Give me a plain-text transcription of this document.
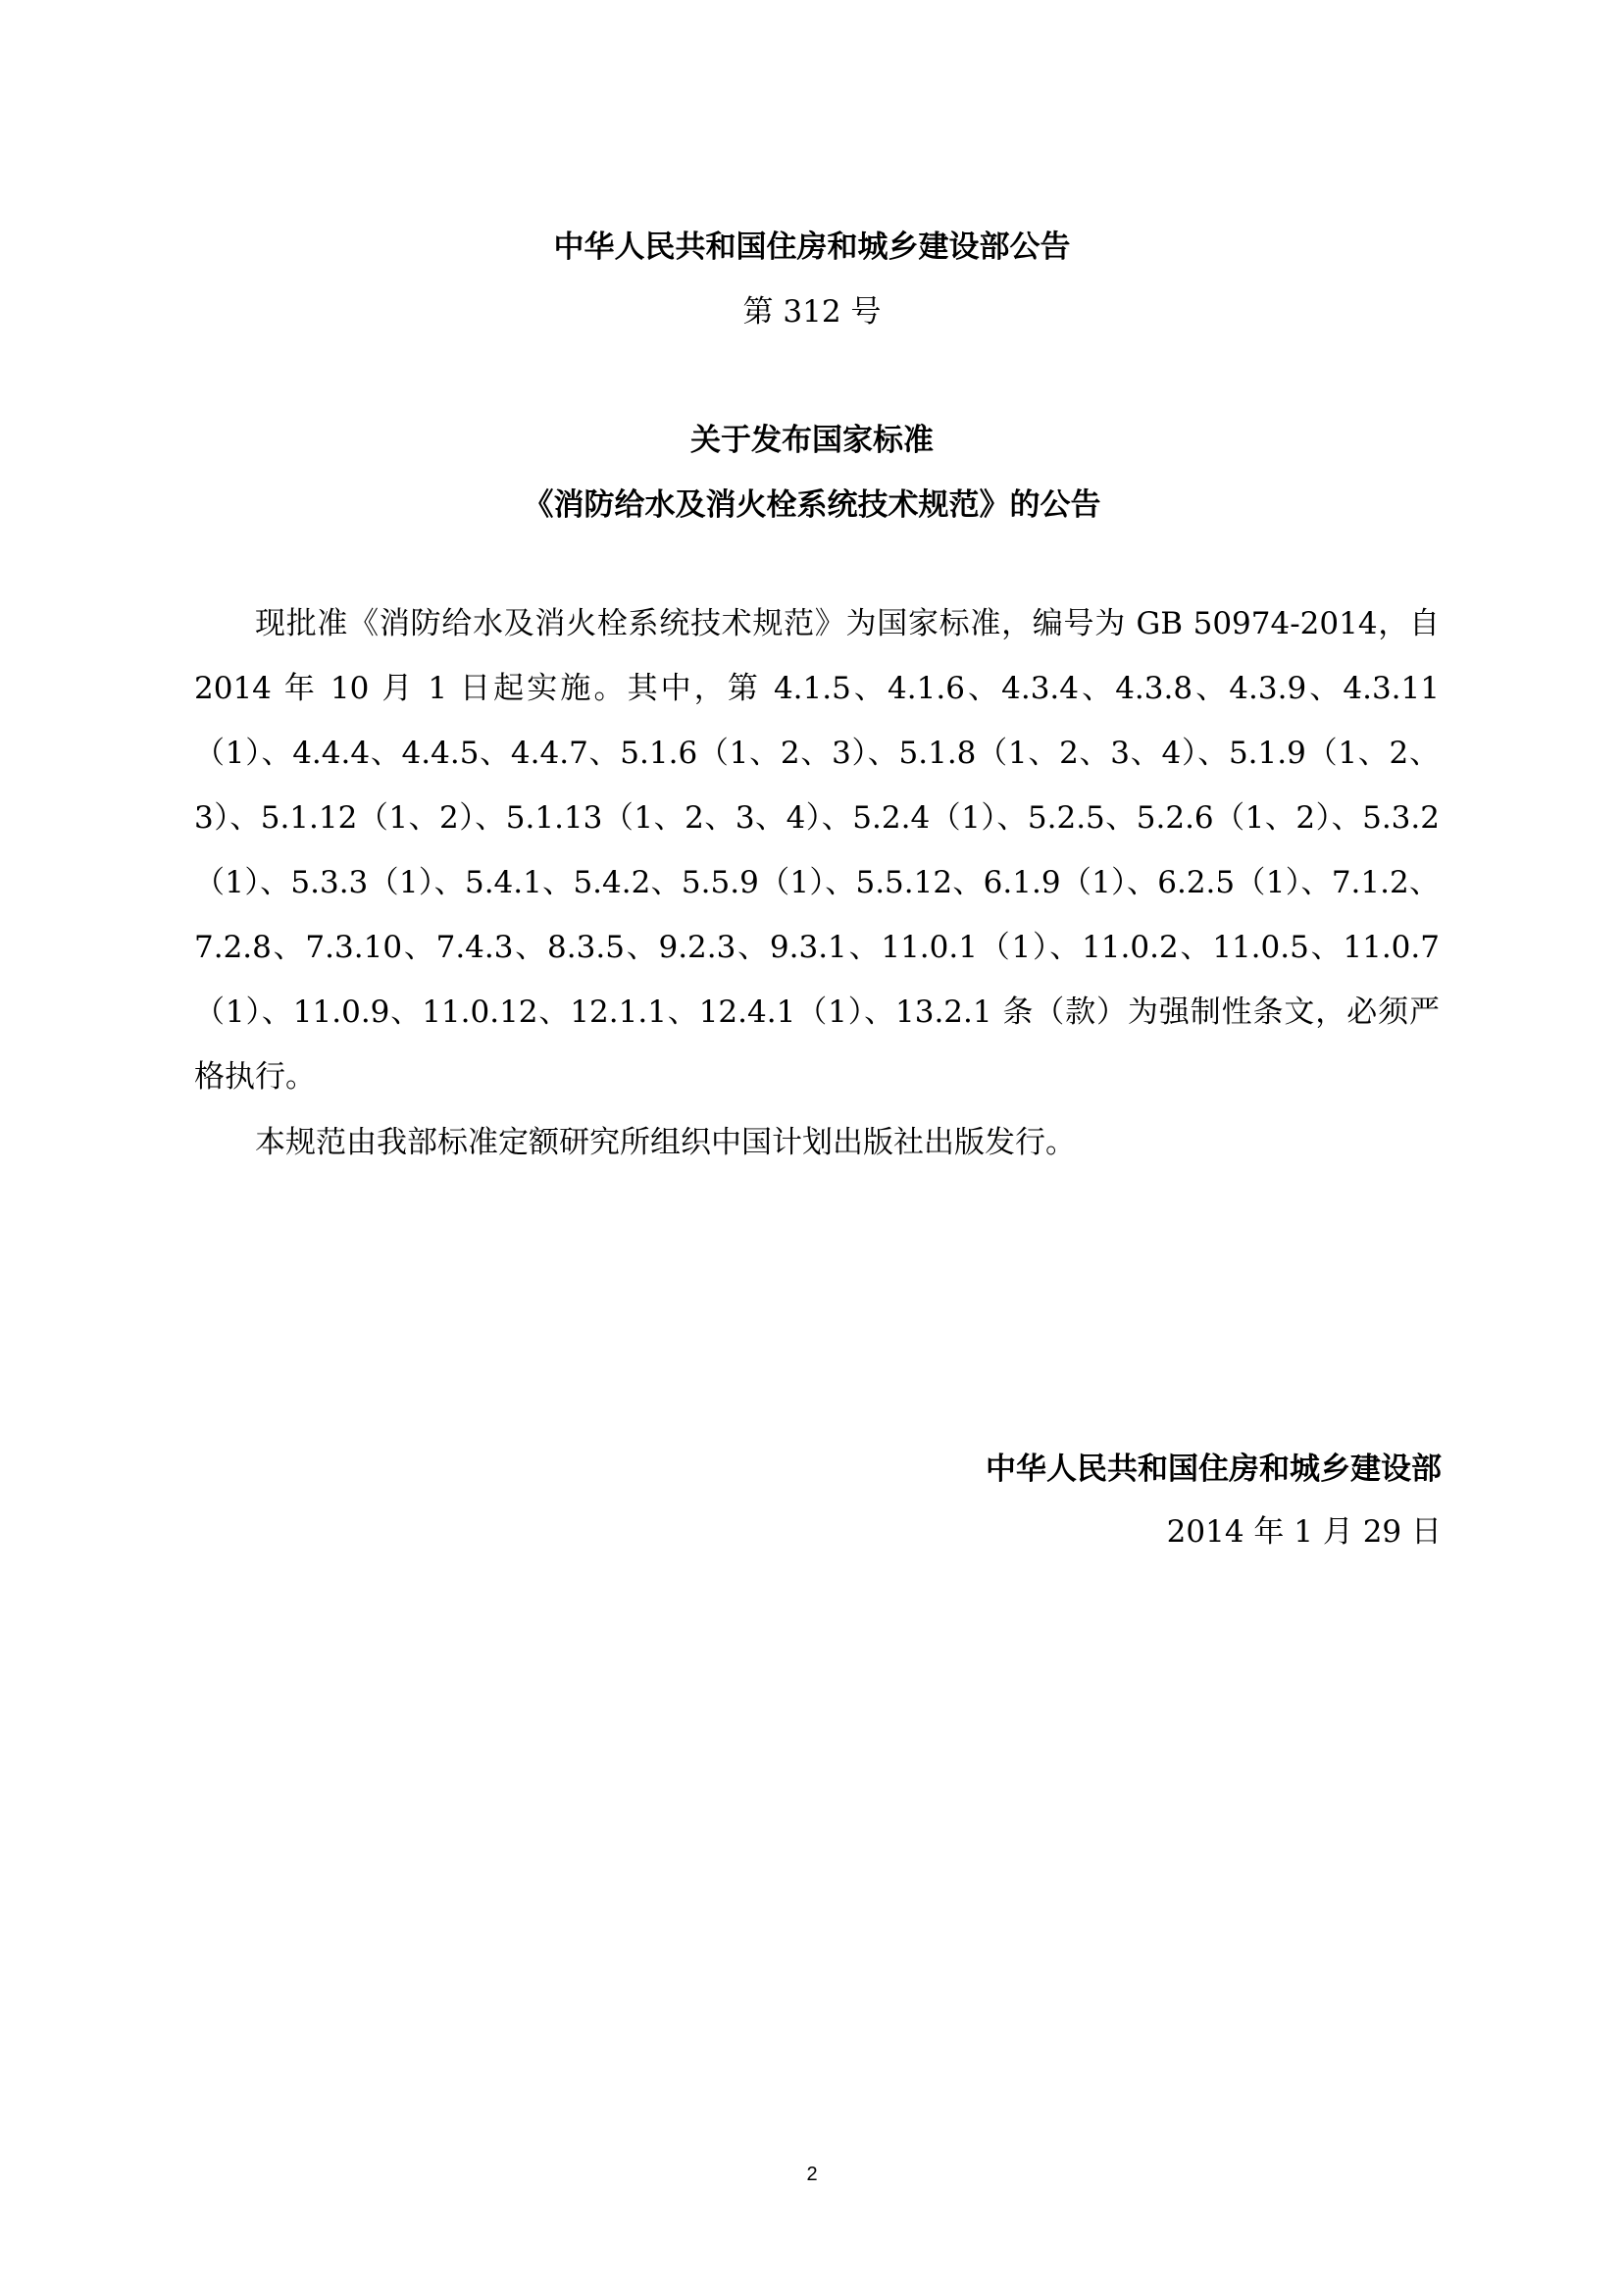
中华人民共和国住房和城乡建设部公告
第 312 号
关于发布国家标准
《消防给水及消火栓系统技术规范》的公告

现批准《消防给水及消火栓系统技术规范》为国家标准，编号为 GB 50974-2014，自 2014 年 10 月 1 日起实施。其中，第 4.1.5、4.1.6、4.3.4、4.3.8、4.3.9、4.3.11（1）、4.4.4、4.4.5、4.4.7、5.1.6（1、2、3）、5.1.8（1、2、3、4）、5.1.9（1、2、3）、5.1.12（1、2）、5.1.13（1、2、3、4）、5.2.4（1）、5.2.5、5.2.6（1、2）、5.3.2（1）、5.3.3（1）、5.4.1、5.4.2、5.5.9（1）、5.5.12、6.1.9（1）、6.2.5（1）、7.1.2、7.2.8、7.3.10、7.4.3、8.3.5、9.2.3、9.3.1、11.0.1（1）、11.0.2、11.0.5、11.0.7（1）、11.0.9、11.0.12、12.1.1、12.4.1（1）、13.2.1 条（款）为强制性条文，必须严格执行。

本规范由我部标准定额研究所组织中国计划出版社出版发行。

中华人民共和国住房和城乡建设部
2014 年 1 月 29 日
2
